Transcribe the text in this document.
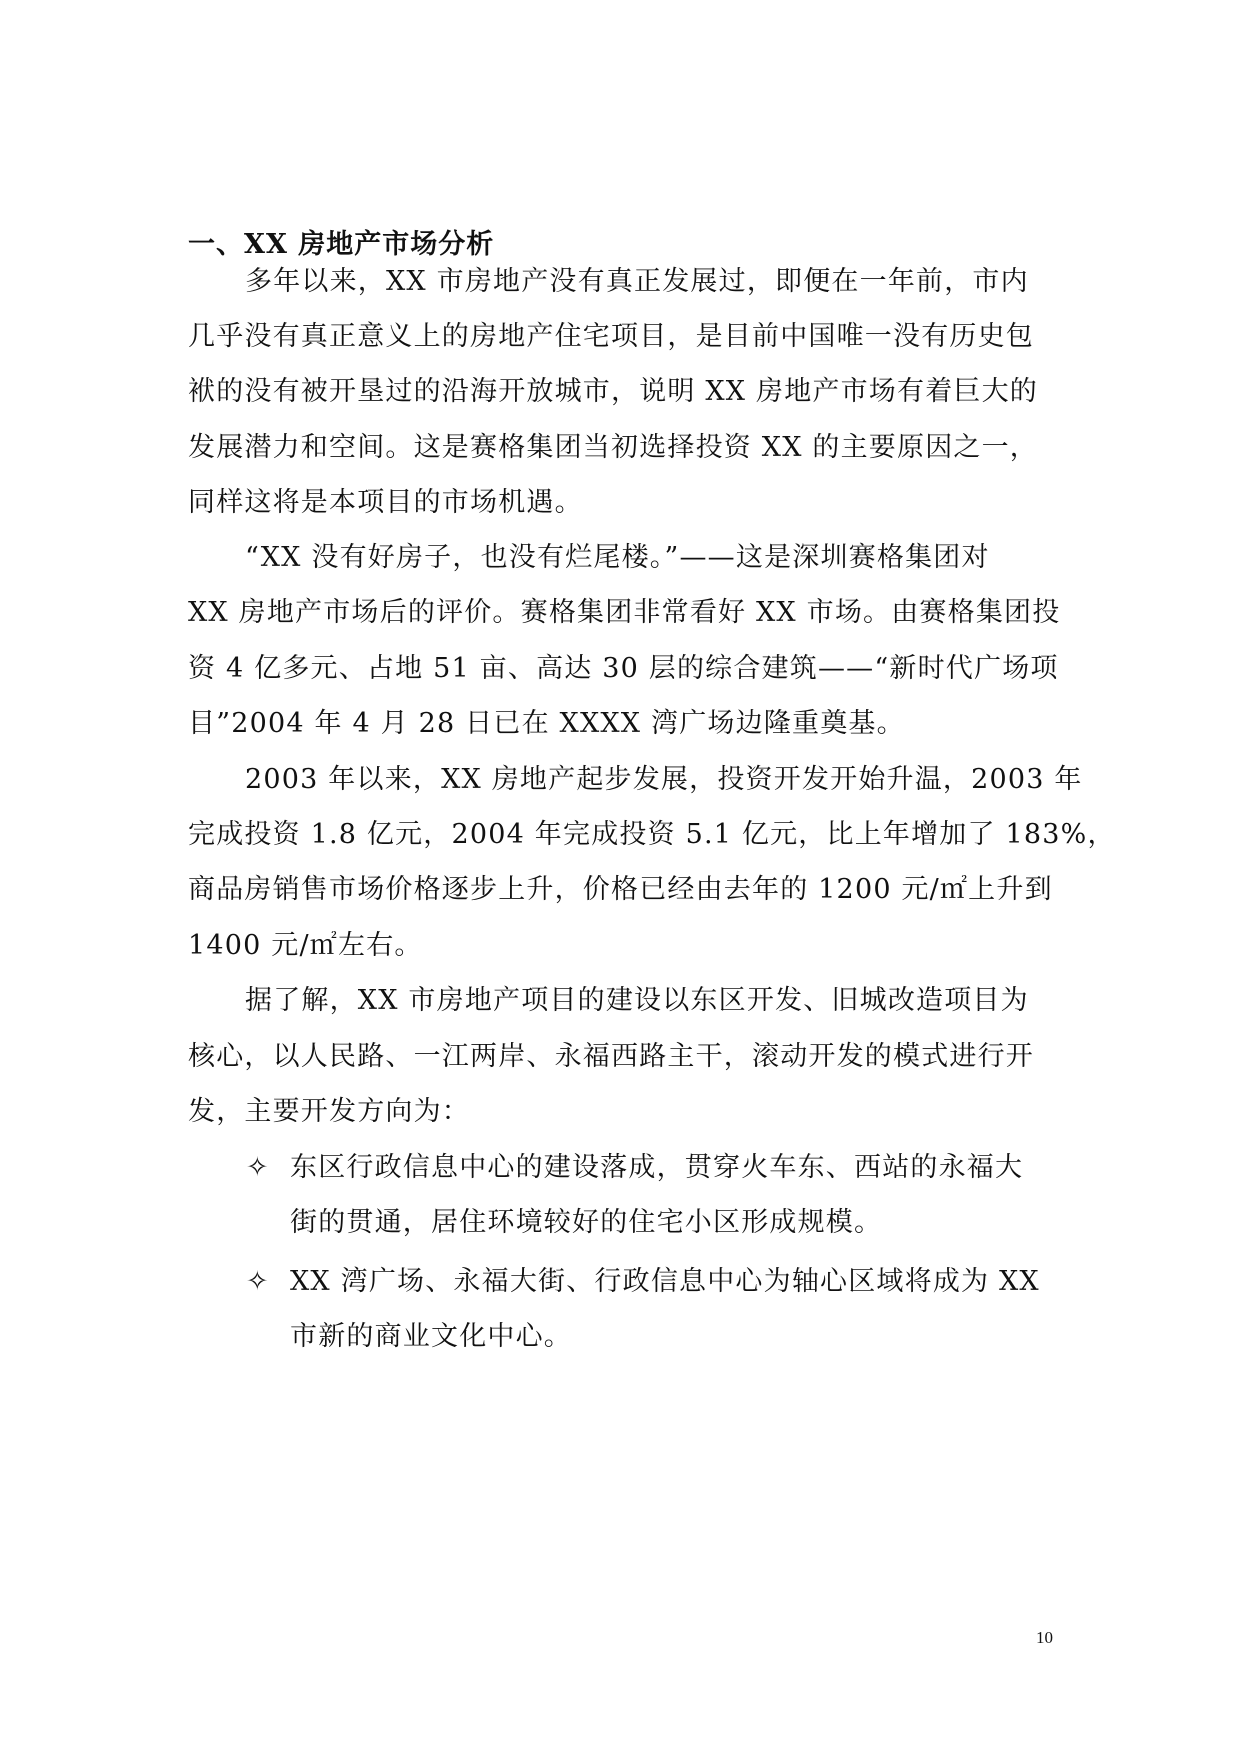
一、XX 房地产市场分析
多年以来，XX 市房地产没有真正发展过，即便在一年前，市内
几乎没有真正意义上的房地产住宅项目，是目前中国唯一没有历史包
袱的没有被开垦过的沿海开放城市，说明 XX 房地产市场有着巨大的
发展潜力和空间。这是赛格集团当初选择投资 XX 的主要原因之一，
同样这将是本项目的市场机遇。
“XX 没有好房子，也没有烂尾楼。”——这是深圳赛格集团对
XX 房地产市场后的评价。赛格集团非常看好 XX 市场。由赛格集团投
资 4 亿多元、占地 51 亩、高达 30 层的综合建筑——“新时代广场项
目”2004 年 4 月 28 日已在 XXXX 湾广场边隆重奠基。
2003 年以来，XX 房地产起步发展，投资开发开始升温，2003 年
完成投资 1.8 亿元，2004 年完成投资 5.1 亿元，比上年增加了 183%，
商品房销售市场价格逐步上升，价格已经由去年的 1200 元/㎡上升到
1400 元/㎡左右。
据了解，XX 市房地产项目的建设以东区开发、旧城改造项目为
核心，以人民路、一江两岸、永福西路主干，滚动开发的模式进行开
发，主要开发方向为：
✧ 东区行政信息中心的建设落成，贯穿火车东、西站的永福大
街的贯通，居住环境较好的住宅小区形成规模。
✧ XX 湾广场、永福大街、行政信息中心为轴心区域将成为 XX
市新的商业文化中心。
10
